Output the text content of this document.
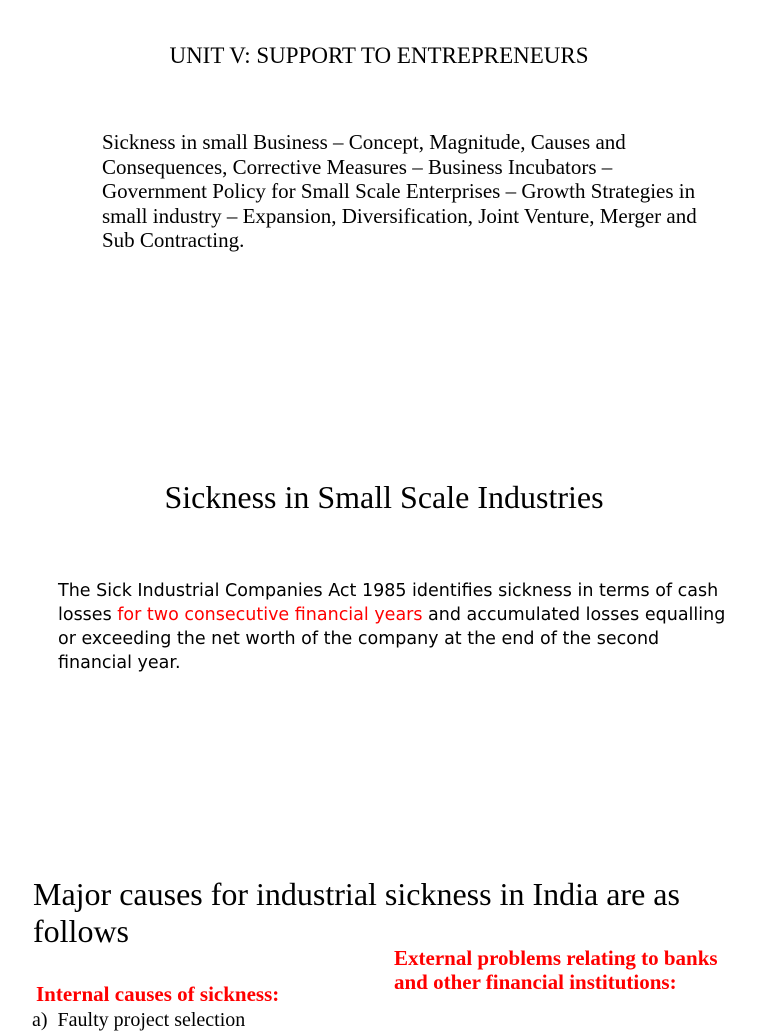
UNIT V: SUPPORT TO ENTREPRENEURS
Sickness in small Business – Concept, Magnitude, Causes and Consequences, Corrective Measures – Business Incubators – Government Policy for Small Scale Enterprises – Growth Strategies in small industry – Expansion, Diversification, Joint Venture, Merger and Sub Contracting.
Sickness in Small Scale Industries
The Sick Industrial Companies Act 1985 identifies sickness in terms of cash losses for two consecutive financial years and accumulated losses equalling or exceeding the net worth of the company at the end of the second financial year.
Major causes for industrial sickness in India are as follows
External problems relating to banks and other financial institutions:
Internal causes of sickness:
a) Faulty project selection
